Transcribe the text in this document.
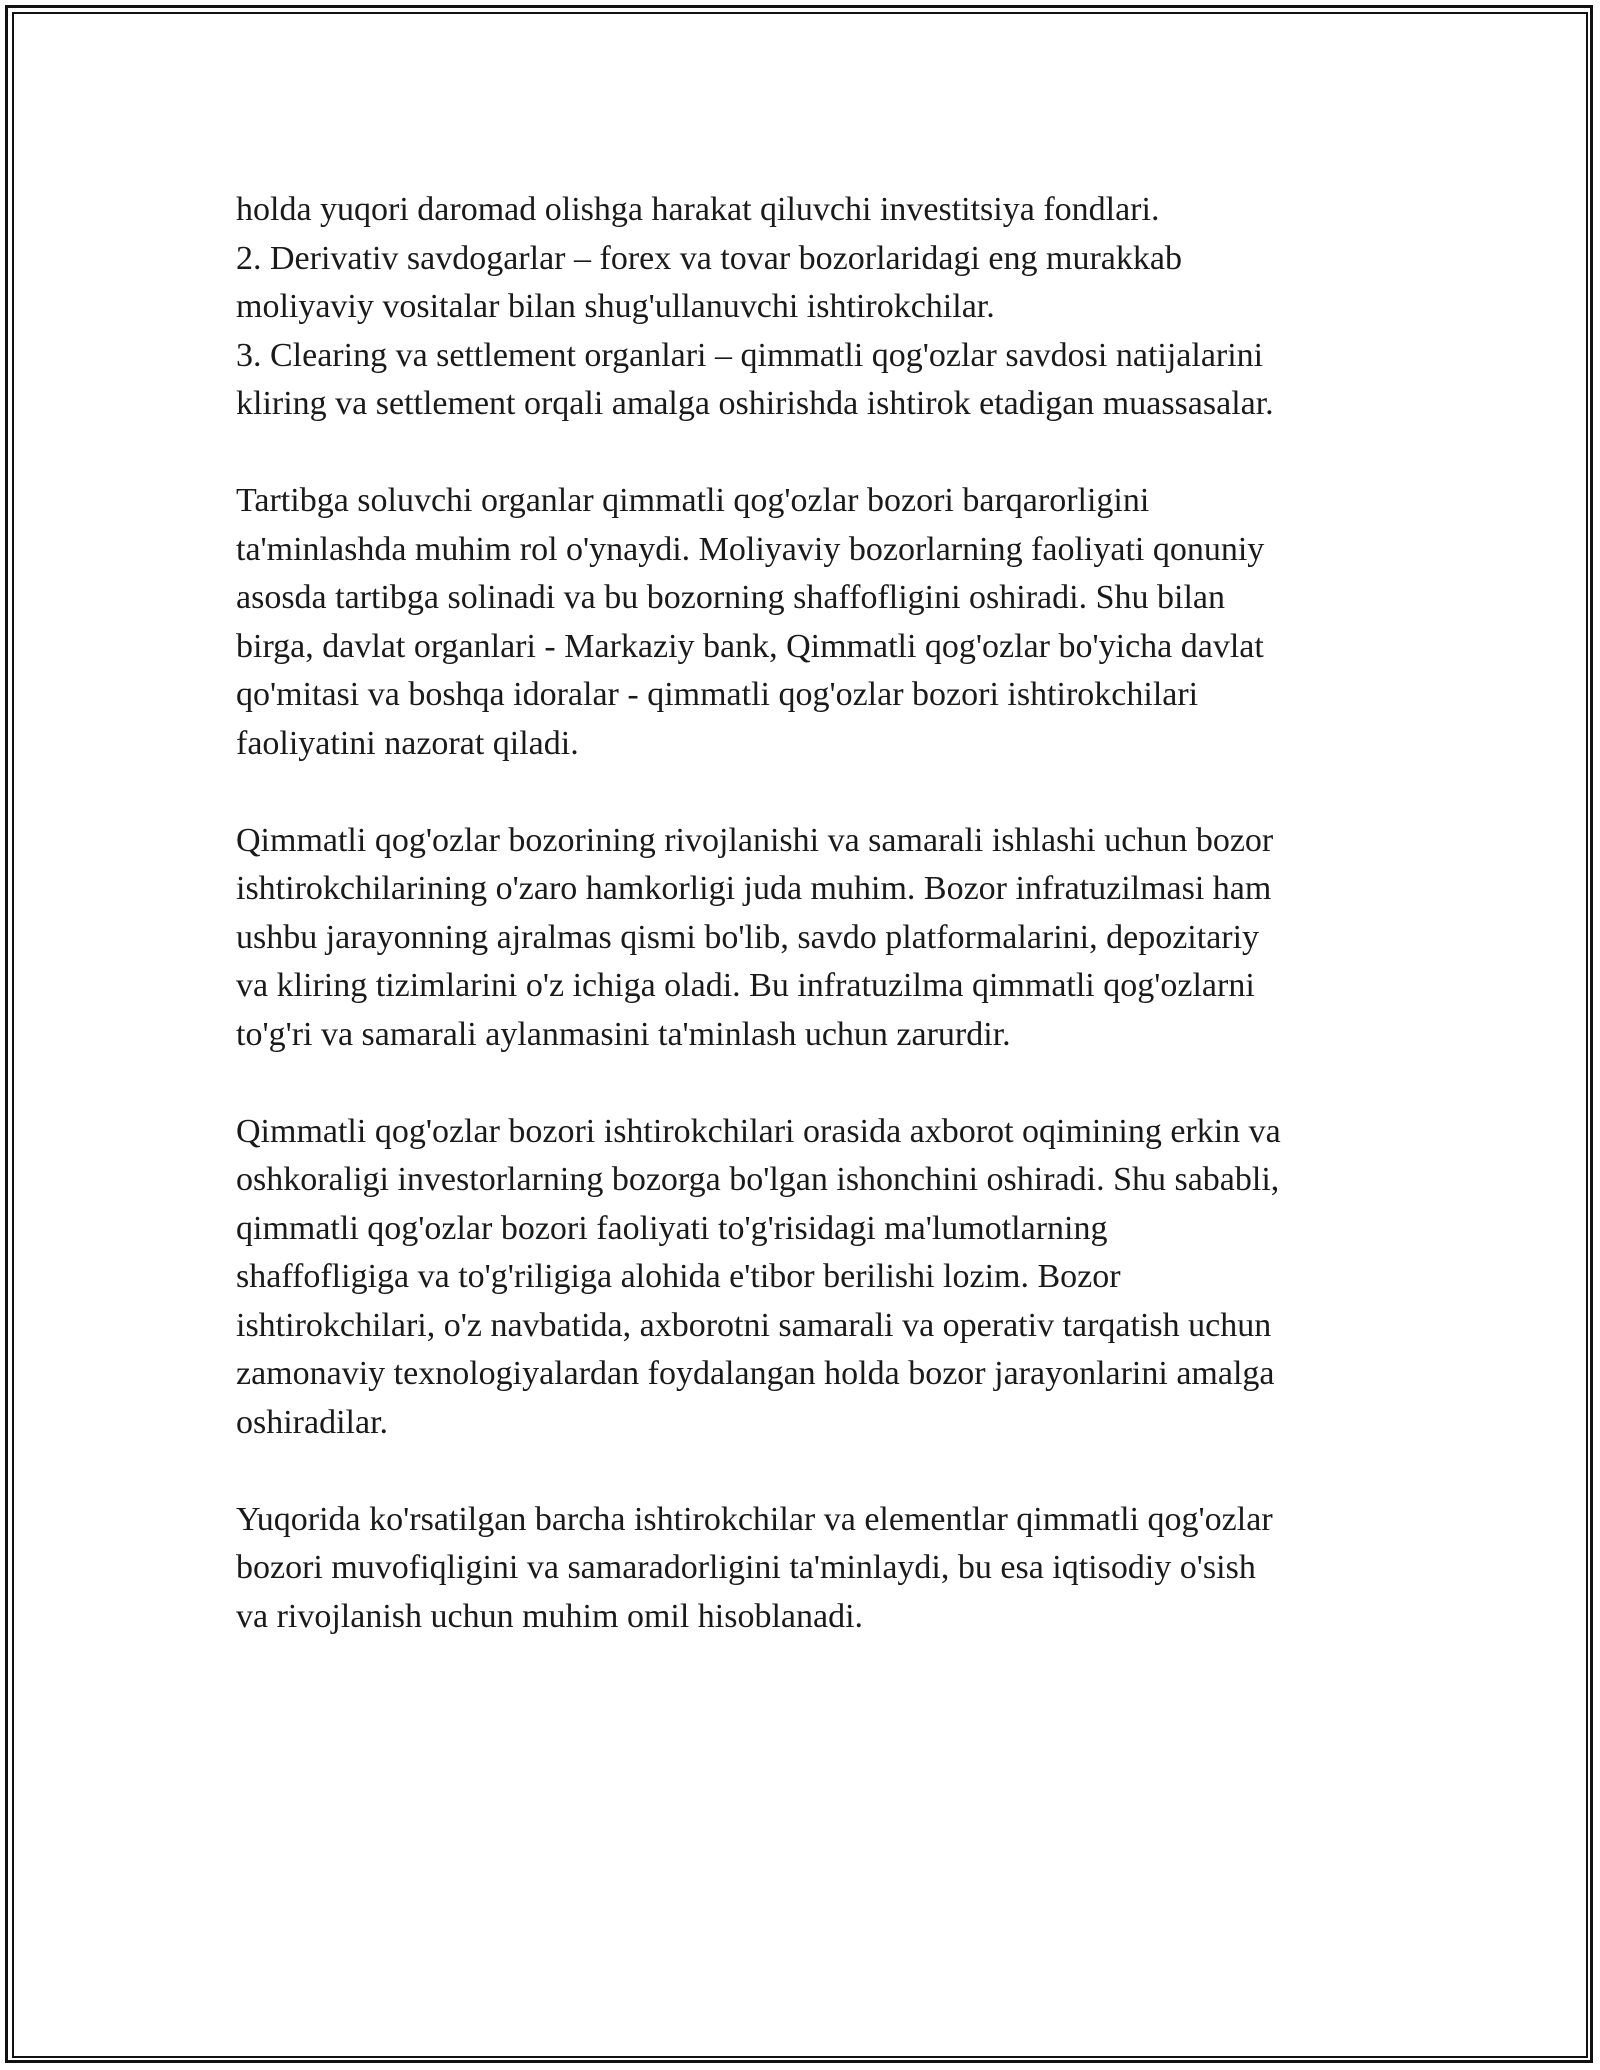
holda yuqori daromad olishga harakat qiluvchi investitsiya fondlari.
2. Derivativ savdogarlar – forex va tovar bozorlaridagi eng murakkab
moliyaviy vositalar bilan shug'ullanuvchi ishtirokchilar.
3. Clearing va settlement organlari – qimmatli qog'ozlar savdosi natijalarini
kliring va settlement orqali amalga oshirishda ishtirok etadigan muassasalar.
Tartibga soluvchi organlar qimmatli qog'ozlar bozori barqarorligini
ta'minlashda muhim rol o'ynaydi. Moliyaviy bozorlarning faoliyati qonuniy
asosda tartibga solinadi va bu bozorning shaffofligini oshiradi. Shu bilan
birga, davlat organlari - Markaziy bank, Qimmatli qog'ozlar bo'yicha davlat
qo'mitasi va boshqa idoralar - qimmatli qog'ozlar bozori ishtirokchilari
faoliyatini nazorat qiladi.
Qimmatli qog'ozlar bozorining rivojlanishi va samarali ishlashi uchun bozor
ishtirokchilarining o'zaro hamkorligi juda muhim. Bozor infratuzilmasi ham
ushbu jarayonning ajralmas qismi bo'lib, savdo platformalarini, depozitariy
va kliring tizimlarini o'z ichiga oladi. Bu infratuzilma qimmatli qog'ozlarni
to'g'ri va samarali aylanmasini ta'minlash uchun zarurdir.
Qimmatli qog'ozlar bozori ishtirokchilari orasida axborot oqimining erkin va
oshkoraligi investorlarning bozorga bo'lgan ishonchini oshiradi. Shu sababli,
qimmatli qog'ozlar bozori faoliyati to'g'risidagi ma'lumotlarning
shaffofligiga va to'g'riligiga alohida e'tibor berilishi lozim. Bozor
ishtirokchilari, o'z navbatida, axborotni samarali va operativ tarqatish uchun
zamonaviy texnologiyalardan foydalangan holda bozor jarayonlarini amalga
oshiradilar.
Yuqorida ko'rsatilgan barcha ishtirokchilar va elementlar qimmatli qog'ozlar
bozori muvofiqligini va samaradorligini ta'minlaydi, bu esa iqtisodiy o'sish
va rivojlanish uchun muhim omil hisoblanadi.
